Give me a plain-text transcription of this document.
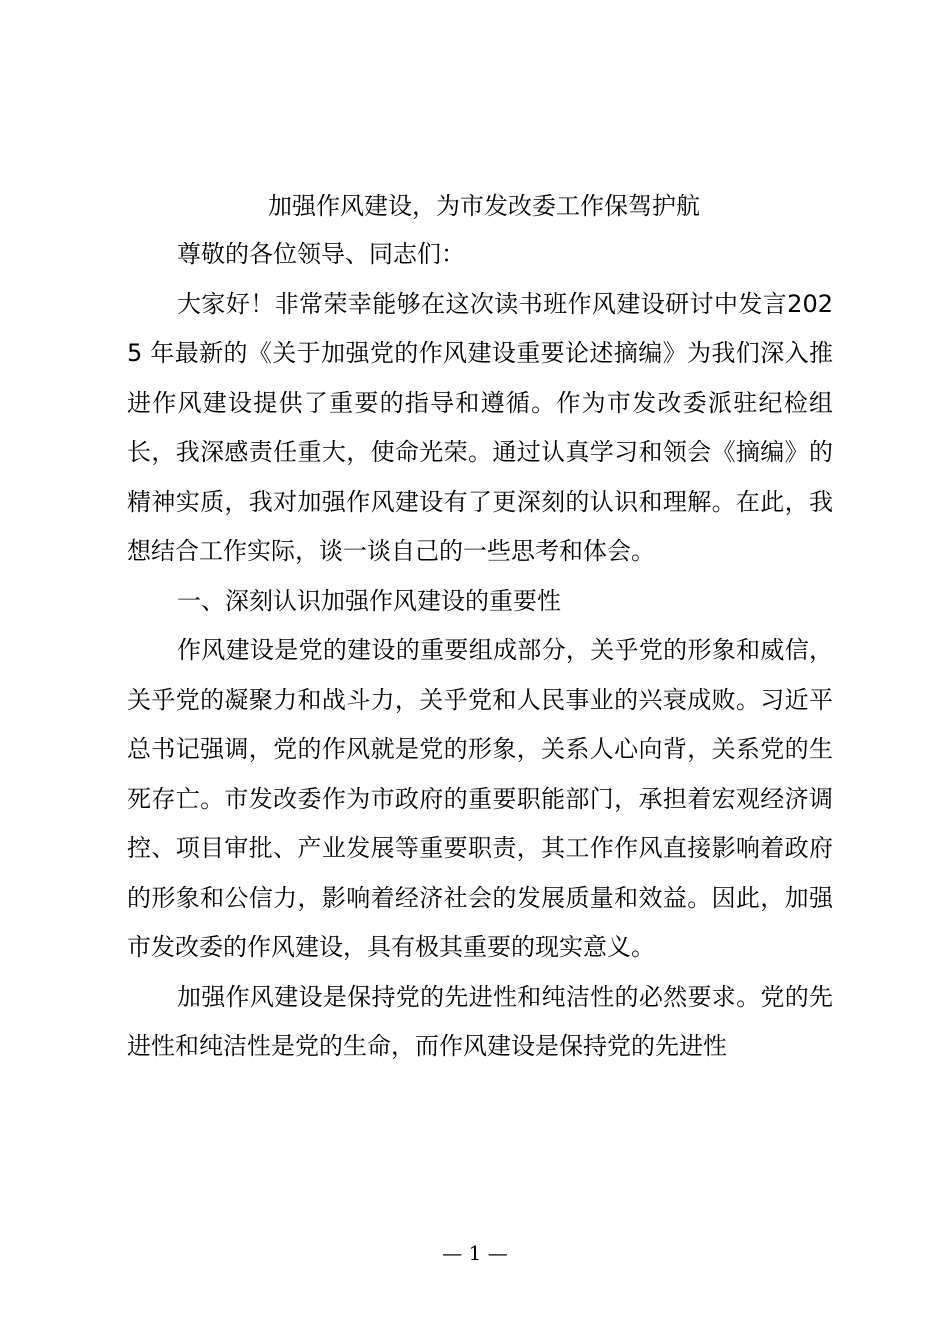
加强作风建设，为市发改委工作保驾护航

尊敬的各位领导、同志们：

大家好！非常荣幸能够在这次读书班作风建设研讨中发言2025 年最新的《关于加强党的作风建设重要论述摘编》为我们深入推进作风建设提供了重要的指导和遵循。作为市发改委派驻纪检组长，我深感责任重大，使命光荣。通过认真学习和领会《摘编》的精神实质，我对加强作风建设有了更深刻的认识和理解。在此，我想结合工作实际，谈一谈自己的一些思考和体会。

一、深刻认识加强作风建设的重要性

作风建设是党的建设的重要组成部分，关乎党的形象和威信，关乎党的凝聚力和战斗力，关乎党和人民事业的兴衰成败。习近平总书记强调，党的作风就是党的形象，关系人心向背，关系党的生死存亡。市发改委作为市政府的重要职能部门，承担着宏观经济调控、项目审批、产业发展等重要职责，其工作作风直接影响着政府的形象和公信力，影响着经济社会的发展质量和效益。因此，加强市发改委的作风建设，具有极其重要的现实意义。

加强作风建设是保持党的先进性和纯洁性的必然要求。党的先进性和纯洁性是党的生命，而作风建设是保持党的先进性

— 1 —
